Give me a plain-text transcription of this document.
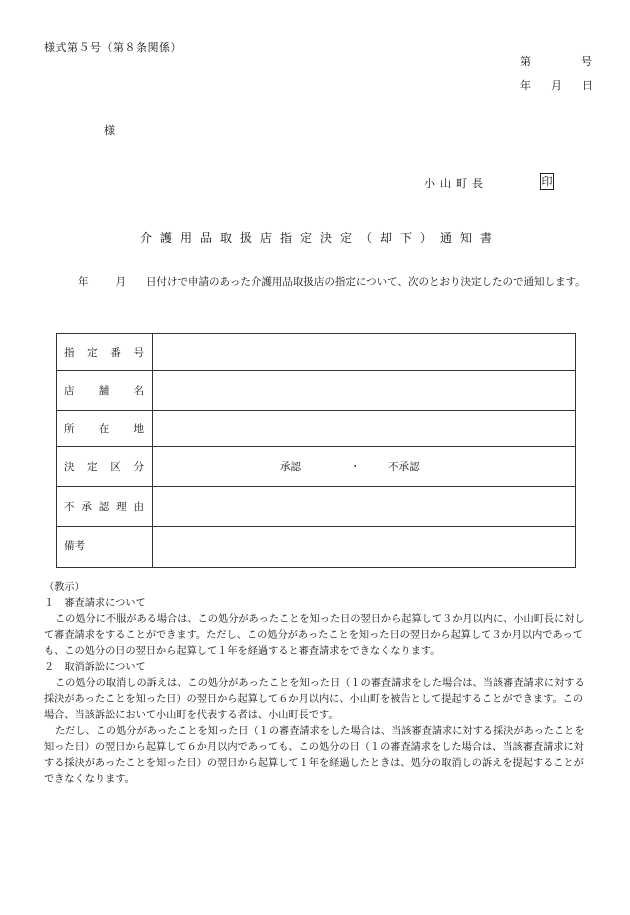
様式第５号（第８条関係）
第	号
年 月 日
様
小山町長	印
介護用品取扱店指定決定（却下）通知書
年	月 日付けで申請のあった介護用品取扱店の指定について、次のとおり決定したので通知します。
指 定 番 号	

店 舗 名	

所 在 地	

決 定 区 分	承認 ・ 不承認

不 承 認 理 由	

備考	

（教示）

１　審査請求について

この処分に不服がある場合は、この処分があったことを知った日の翌日から起算して３か月以内に、小山町長に対して審査請求をすることができます。ただし、この処分があったことを知った日の翌日から起算して３か月以内であっても、この処分の日の翌日から起算して１年を経過すると審査請求をできなくなります。

２　取消訴訟について

この処分の取消しの訴えは、この処分があったことを知った日（１の審査請求をした場合は、当該審査請求に対する採決があったことを知った日）の翌日から起算して６か月以内に、小山町を被告として提起することができます。この場合、当該訴訟において小山町を代表する者は、小山町長です。

ただし、この処分があったことを知った日（１の審査請求をした場合は、当該審査請求に対する採決があったことを知った日）の翌日から起算して６か月以内であっても、この処分の日（１の審査請求をした場合は、当該審査請求に対する採決があったことを知った日）の翌日から起算して１年を経過したときは、処分の取消しの訴えを提起することができなくなります。
